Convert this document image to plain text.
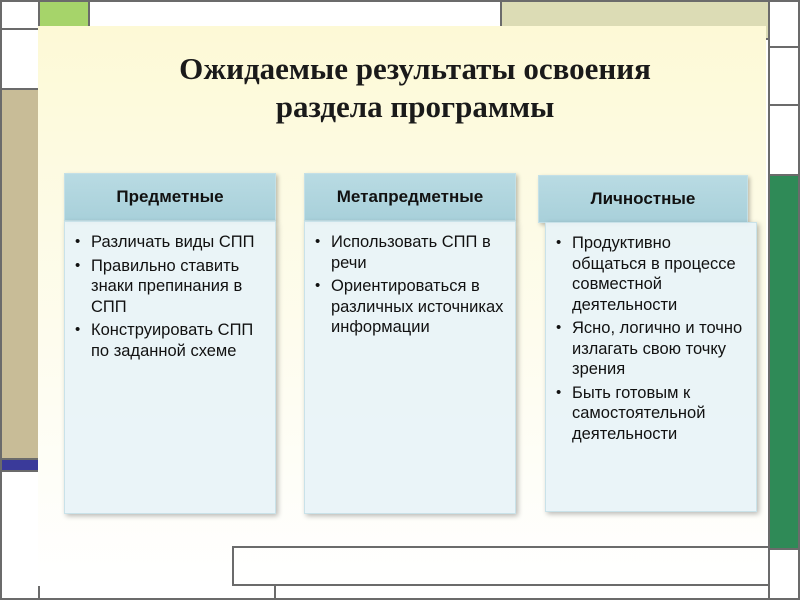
Ожидаемые результаты освоения
раздела программы
Предметные
• Различать виды СПП
• Правильно ставить знаки препинания в СПП
• Конструировать СПП по заданной схеме
Метапредметные
• Использовать СПП в речи
• Ориентироваться в различных источниках информации
Личностные
• Продуктивно общаться в процессе совместной деятельности
• Ясно, логично и точно излагать свою точку зрения
• Быть готовым к самостоятельной деятельности
